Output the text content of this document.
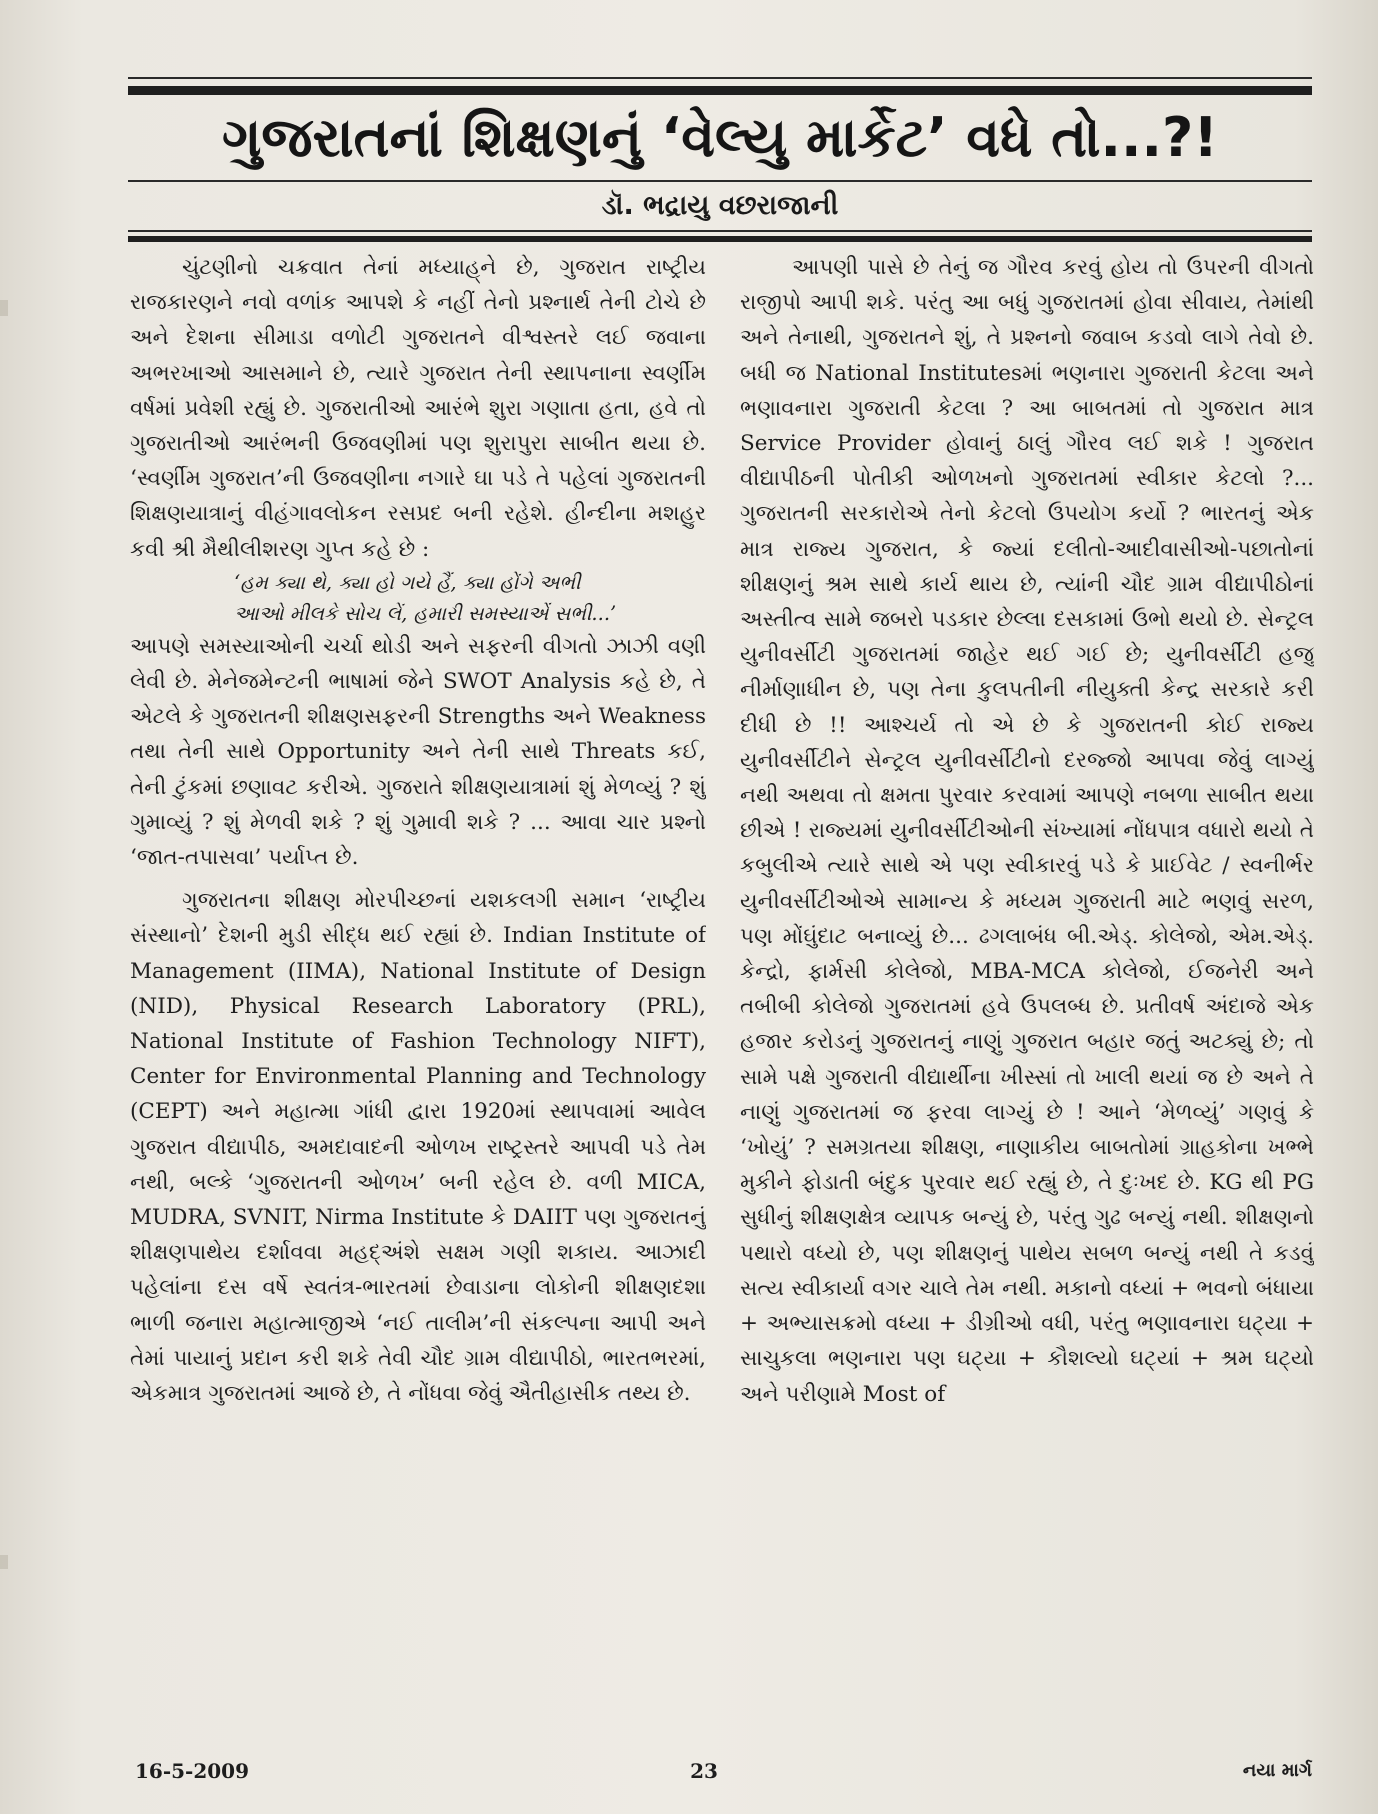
ગુજરાતનાં શિક્ષણનું ‘વેલ્યુ માર્કેટ’ વધે તો...?!
ડૉ. ભદ્રાયુ વછરાજાની

ચુંટણીનો ચક્રવાત તેનાં મધ્યાહ્‌ને છે, ગુજરાત રાષ્ટ્રીય રાજકારણને નવો વળાંક આપશે કે નહીં તેનો પ્રશ્નાર્થ તેની ટોચે છે અને દેશના સીમાડા વળોટી ગુજરાતને વીશ્વસ્તરે લઈ જવાના અભરખાઓ આસમાને છે, ત્યારે ગુજરાત તેની સ્થાપનાના સ્વર્ણીમ વર્ષમાં પ્રવેશી રહ્યું છે. ગુજરાતીઓ આરંભે શુરા ગણાતા હતા, હવે તો ગુજરાતીઓ આરંભની ઉજવણીમાં પણ શુરાપુરા સાબીત થયા છે. ‘સ્વર્ણીમ ગુજરાત’ની ઉજવણીના નગારે ઘા પડે તે પહેલાં ગુજરાતની શિક્ષણયાત્રાનું વીહંગાવલોકન રસપ્રદ બની રહેશે. હીન્દીના મશહુર કવી શ્રી મૈથીલીશરણ ગુપ્ત કહે છે :

‘હમ ક્યા થે, ક્યા હો ગયે હૈં, ક્યા હોંગે અભી

આઓ મીલકે સોચ લેં, હમારી સમસ્યાએં સભી...’

આપણે સમસ્યાઓની ચર્ચા થોડી અને સફરની વીગતો ઝાઝી વણી લેવી છે. મેનેજમેન્ટની ભાષામાં જેને SWOT Analysis કહે છે, તે એટલે કે ગુજરાતની શીક્ષણસફરની Strengths અને Weakness તથા તેની સાથે Opportunity અને તેની સાથે Threats કઈ, તેની ટુંકમાં છણાવટ કરીએ. ગુજરાતે શીક્ષણયાત્રામાં શું મેળવ્યું ? શું ગુમાવ્યું ? શું મેળવી શકે ? શું ગુમાવી શકે ? ... આવા ચાર પ્રશ્નો ‘જાત-તપાસવા’ પર્યાપ્ત છે.

ગુજરાતના શીક્ષણ મોરપીચ્છનાં યશકલગી સમાન ‘રાષ્ટ્રીય સંસ્થાનો’ દેશની મુડી સીદ્ધ થઈ રહ્યાં છે. Indian Institute of Management (IIMA), National Institute of Design (NID), Physical Research Laboratory (PRL), National Institute of Fashion Technology NIFT), Center for Environmental Planning and Technology (CEPT) અને મહાત્મા ગાંધી દ્વારા 1920માં સ્થાપવામાં આવેલ ગુજરાત વીદ્યાપીઠ, અમદાવાદની ઓળખ રાષ્ટ્રસ્તરે આપવી પડે તેમ નથી, બલ્કે ‘ગુજરાતની ઓળખ’ બની રહેલ છે. વળી MICA, MUDRA, SVNIT, Nirma Institute કે DAIIT પણ ગુજરાતનું શીક્ષણપાથેય દર્શાવવા મહદ્‌અંશે સક્ષમ ગણી શકાય. આઝાદી પહેલાંના દસ વર્ષે સ્વતંત્ર-ભારતમાં છેવાડાના લોકોની શીક્ષણદશા ભાળી જનારા મહાત્માજીએ ‘નઈ તાલીમ’ની સંકલ્પના આપી અને તેમાં પાયાનું પ્રદાન કરી શકે તેવી ચૌદ ગ્રામ વીદ્યાપીઠો, ભારતભરમાં, એકમાત્ર ગુજરાતમાં આજે છે, તે નોંધવા જેવું ઐતીહાસીક તથ્ય છે.

આપણી પાસે છે તેનું જ ગૌરવ કરવું હોય તો ઉપરની વીગતો રાજીપો આપી શકે. પરંતુ આ બધું ગુજરાતમાં હોવા સીવાય, તેમાંથી અને તેનાથી, ગુજરાતને શું, તે પ્રશ્નનો જવાબ કડવો લાગે તેવો છે. બધી જ National Institutesમાં ભણનારા ગુજરાતી કેટલા અને ભણાવનારા ગુજરાતી કેટલા ? આ બાબતમાં તો ગુજરાત માત્ર Service Provider હોવાનું ઠાલું ગૌરવ લઈ શકે ! ગુજરાત વીદ્યાપીઠની પોતીકી ઓળખનો ગુજરાતમાં સ્વીકાર કેટલો ?... ગુજરાતની સરકારોએ તેનો કેટલો ઉપયોગ કર્યો ? ભારતનું એક માત્ર રાજ્ય ગુજરાત, કે જ્યાં દલીતો-આદીવાસીઓ-પછાતોનાં શીક્ષણનું શ્રમ સાથે કાર્ય થાય છે, ત્યાંની ચૌદ ગ્રામ વીદ્યાપીઠોનાં અસ્તીત્વ સામે જબરો પડકાર છેલ્લા દસકામાં ઉભો થયો છે. સેન્ટ્રલ યુનીવર્સીટી ગુજરાતમાં જાહેર થઈ ગઈ છે; યુનીવર્સીટી હજુ નીર્માણાધીન છે, પણ તેના કુલપતીની નીયુક્તી કેન્દ્ર સરકારે કરી દીધી છે !! આશ્ચર્ય તો એ છે કે ગુજરાતની કોઈ રાજ્ય યુનીવર્સીટીને સેન્ટ્રલ યુનીવર્સીટીનો દરજ્જો આપવા જેવું લાગ્યું નથી અથવા તો ક્ષમતા પુરવાર કરવામાં આપણે નબળા સાબીત થયા છીએ ! રાજ્યમાં યુનીવર્સીટીઓની સંખ્યામાં નોંધપાત્ર વધારો થયો તે કબુલીએ ત્યારે સાથે એ પણ સ્વીકારવું પડે કે પ્રાઈવેટ / સ્વનીર્ભર યુનીવર્સીટીઓએ સામાન્ય કે મધ્યમ ગુજરાતી માટે ભણવું સરળ, પણ મોંઘુંદાટ બનાવ્યું છે... ઢગલાબંધ બી.એડ્. કોલેજો, એમ.એડ્. કેન્દ્રો, ફાર્મસી કોલેજો, MBA-MCA કોલેજો, ઈજનેરી અને તબીબી કોલેજો ગુજરાતમાં હવે ઉપલબ્ધ છે. પ્રતીવર્ષ અંદાજે એક હજાર કરોડનું ગુજરાતનું નાણું ગુજરાત બહાર જતું અટક્યું છે; તો સામે પક્ષે ગુજરાતી વીદ્યાર્થીના ખીસ્સાં તો ખાલી થયાં જ છે અને તે નાણું ગુજરાતમાં જ ફરવા લાગ્યું છે ! આને ‘મેળવ્યું’ ગણવું કે ‘ખોયું’ ? સમગ્રતયા શીક્ષણ, નાણાકીય બાબતોમાં ગ્રાહકોના ખભ્ભે મુકીને ફોડાતી બંદુક પુરવાર થઈ રહ્યું છે, તે દુઃખદ છે. KG થી PG સુધીનું શીક્ષણક્ષેત્ર વ્યાપક બન્યું છે, પરંતુ ગુઢ બન્યું નથી. શીક્ષણનો પથારો વધ્યો છે, પણ શીક્ષણનું પાથેય સબળ બન્યું નથી તે કડવું સત્ય સ્વીકાર્યા વગર ચાલે તેમ નથી. મકાનો વધ્યાં + ભવનો બંધાયા + અભ્યાસક્રમો વધ્યા + ડીગ્રીઓ વધી, પરંતુ ભણાવનારા ઘટ્યા + સાચુકલા ભણનારા પણ ઘટ્યા + કૌશલ્યો ઘટ્યાં + શ્રમ ઘટ્યો અને પરીણામે Most of

16-5-2009	23	નયા માર્ગ
